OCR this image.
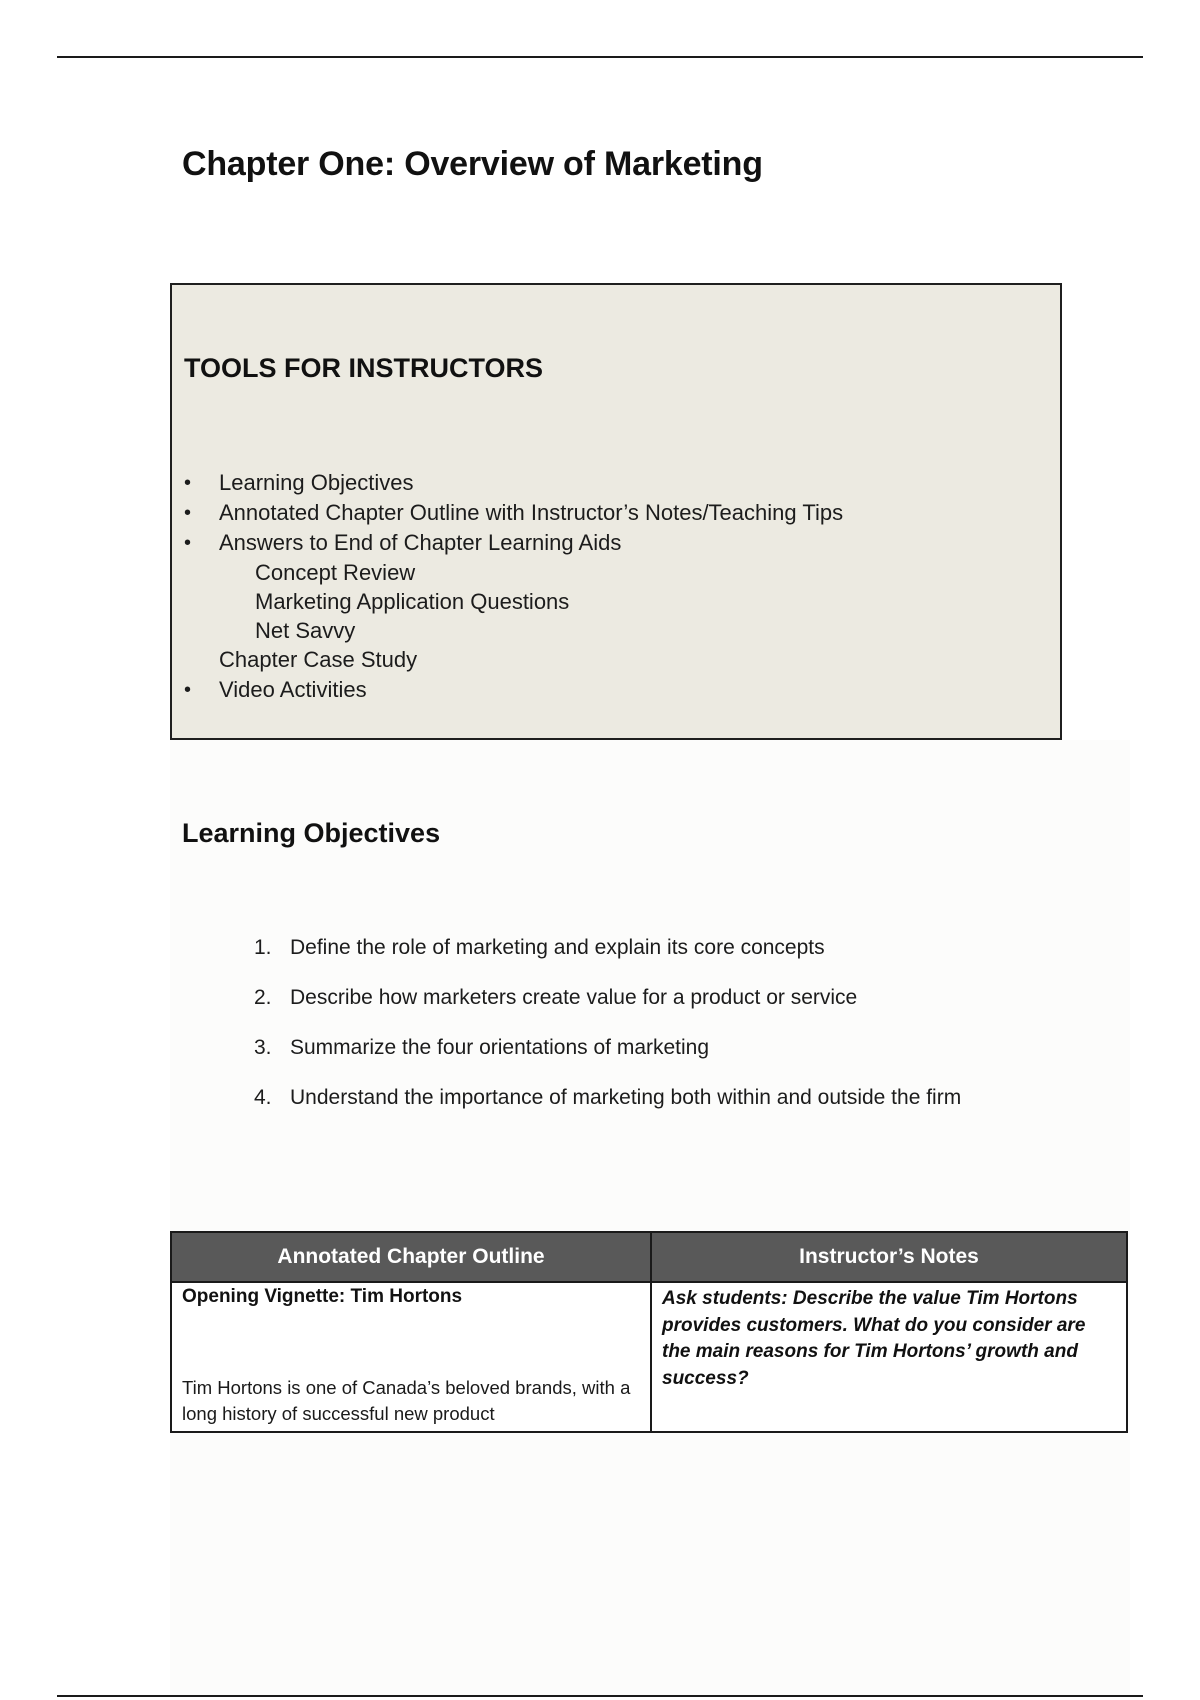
Chapter One: Overview of Marketing
TOOLS FOR INSTRUCTORS
• Learning Objectives
• Annotated Chapter Outline with Instructor’s Notes/Teaching Tips
• Answers to End of Chapter Learning Aids
Concept Review
Marketing Application Questions
Net Savvy
Chapter Case Study
• Video Activities
Learning Objectives
1. Define the role of marketing and explain its core concepts
2. Describe how marketers create value for a product or service
3. Summarize the four orientations of marketing
4. Understand the importance of marketing both within and outside the firm
Annotated Chapter Outline	Instructor’s Notes

Opening Vignette: Tim Hortons

Tim Hortons is one of Canada’s beloved brands, with a long history of successful new product	Ask students: Describe the value Tim Hortons provides customers. What do you consider are the main reasons for Tim Hortons’ growth and success?
